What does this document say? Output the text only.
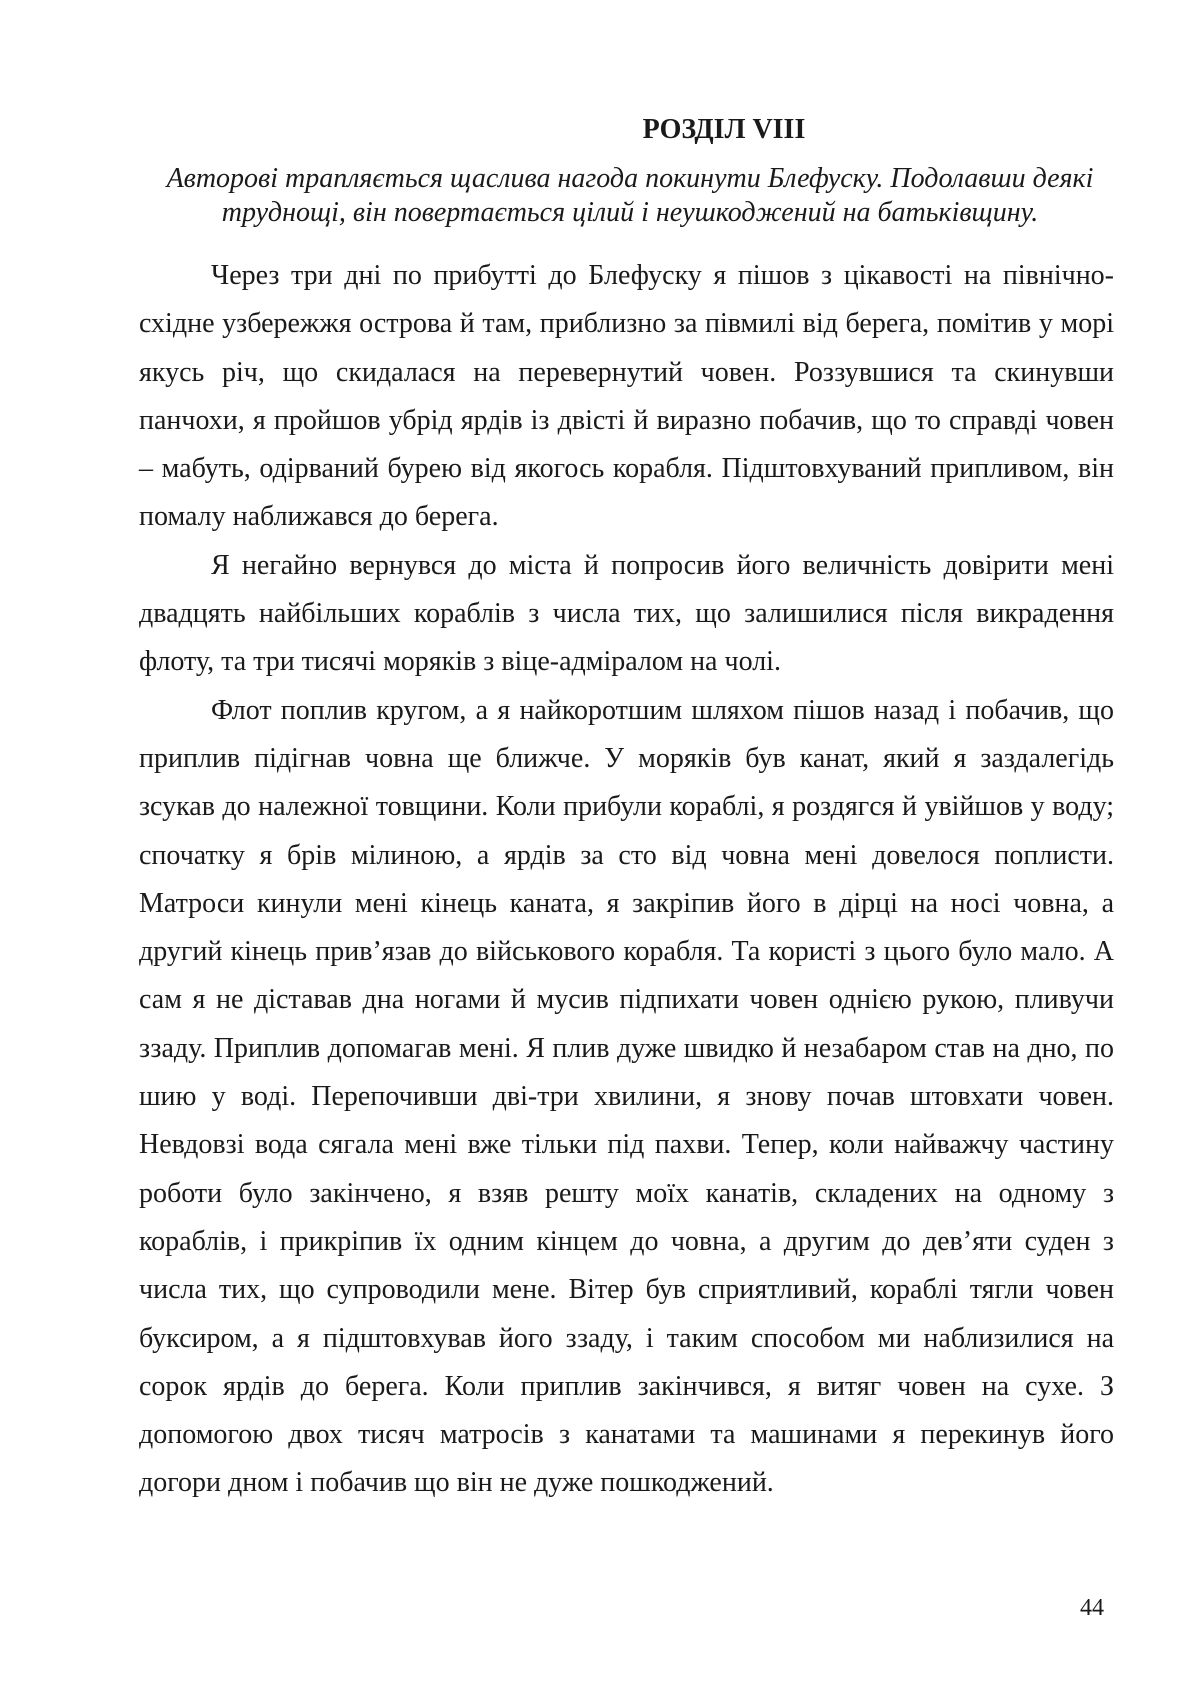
РОЗДІЛ VIII
Авторові трапляється щаслива нагода покинути Блефуску. Подолавши деякі
труднощі, він повертається цілий і неушкоджений на батьківщину.

Через три дні по прибутті до Блефуску я пішов з цікавості на північно-східне узбережжя острова й там, приблизно за півмилі від берега, помітив у морі якусь річ, що скидалася на перевернутий човен. Роззувшися та скинувши панчохи, я пройшов убрід ярдів із двісті й виразно побачив, що то справді човен – мабуть, одірваний бурею від якогось корабля. Підштовхуваний припливом, він помалу наближався до берега.

Я негайно вернувся до міста й попросив його величність довірити мені двадцять найбільших кораблів з числа тих, що залишилися після викрадення флоту, та три тисячі моряків з віце-адміралом на чолі.

Флот поплив кругом, а я найкоротшим шляхом пішов назад і побачив, що приплив підігнав човна ще ближче. У моряків був канат, який я заздалегідь зсукав до належної товщини. Коли прибули кораблі, я роздягся й увійшов у воду; спочатку я брів мілиною, а ярдів за сто від човна мені довелося поплисти. Матроси кинули мені кінець каната, я закріпив його в дірці на носі човна, а другий кінець прив’язав до військового корабля. Та користі з цього було мало. А сам я не діставав дна ногами й мусив підпихати човен однією рукою, пливучи ззаду. Приплив допомагав мені. Я плив дуже швидко й незабаром став на дно, по шию у воді. Перепочивши дві-три хвилини, я знову почав штовхати човен. Невдовзі вода сягала мені вже тільки під пахви. Тепер, коли найважчу частину роботи було закінчено, я взяв решту моїх канатів, складених на одному з кораблів, і прикріпив їх одним кінцем до човна, а другим до дев’яти суден з числа тих, що супроводили мене. Вітер був сприятливий, кораблі тягли човен буксиром, а я підштовхував його ззаду, і таким способом ми наблизилися на сорок ярдів до берега. Коли приплив закінчився, я витяг човен на сухе. З допомогою двох тисяч матросів з канатами та машинами я перекинув його догори дном і побачив що він не дуже пошкоджений.

44
